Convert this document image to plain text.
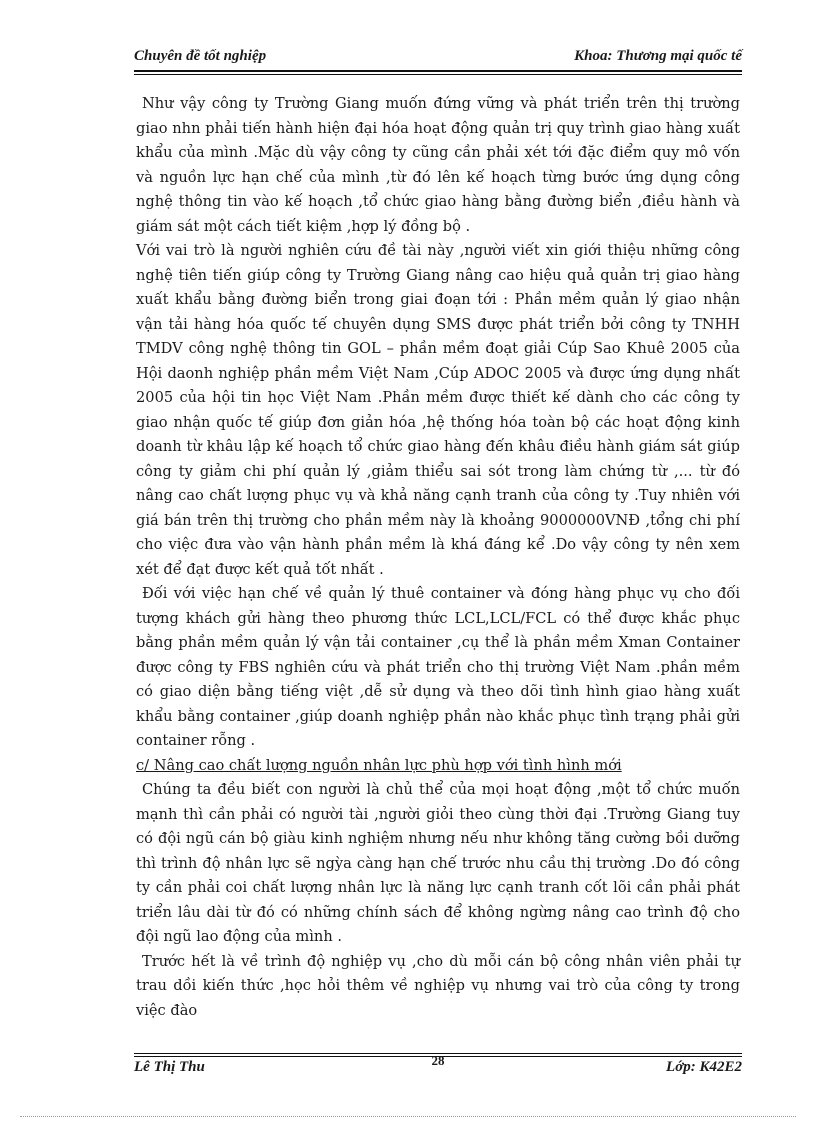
Chuyên đề tốt nghiệp	Khoa: Thương mại quốc tế

Như vậy công ty Trường Giang muốn đứng vững và phát triển trên thị trường giao nhn phải tiến hành hiện đại hóa hoạt động quản trị quy trình giao hàng xuất khẩu của mình .Mặc dù vậy công ty cũng cần phải xét tới đặc điểm quy mô vốn và nguồn lực hạn chế của mình ,từ đó lên kế hoạch từng bước ứng dụng công nghệ thông tin vào kế hoạch ,tổ chức giao hàng bằng đường biển ,điều hành và giám sát một cách tiết kiệm ,hợp lý đồng bộ .

Với vai trò là người nghiên cứu đề tài này ,người viết xin giới thiệu những công nghệ tiên tiến giúp công ty Trường Giang nâng cao hiệu quả quản trị giao hàng xuất khẩu bằng đường biển trong giai đoạn tới : Phần mềm quản lý giao nhận vận tải hàng hóa quốc tế chuyên dụng SMS được phát triển bởi công ty TNHH TMDV công nghệ thông tin GOL – phần mềm đoạt giải Cúp Sao Khuê 2005 của Hội daonh nghiệp phần mềm Việt Nam ,Cúp ADOC 2005 và được ứng dụng nhất 2005 của hội tin học Việt Nam .Phần mềm được thiết kế dành cho các công ty giao nhận quốc tế giúp đơn giản hóa ,hệ thống hóa toàn bộ các hoạt động kinh doanh từ khâu lập kế hoạch tổ chức giao hàng đến khâu điều hành giám sát giúp công ty giảm chi phí quản lý ,giảm thiểu sai sót trong làm chứng từ ,... từ đó nâng cao chất lượng phục vụ và khả năng cạnh tranh của công ty .Tuy nhiên với giá bán trên thị trường cho phần mềm này là khoảng 9000000VNĐ ,tổng chi phí cho việc đưa vào vận hành phần mềm là khá đáng kể .Do vậy công ty nên xem xét để đạt được kết quả tốt nhất .

Đối với việc hạn chế về quản lý thuê container và đóng hàng phục vụ cho đối tượng khách gửi hàng theo phương thức LCL,LCL/FCL có thể được khắc phục bằng phần mềm quản lý vận tải container ,cụ thể là phần mềm Xman Container được công ty FBS nghiên cứu và phát triển cho thị trường Việt Nam .phần mềm có giao diện bằng tiếng việt ,dễ sử dụng và theo dõi tình hình giao hàng xuất khẩu bằng container ,giúp doanh nghiệp phần nào khắc phục tình trạng phải gửi container rỗng .

c/ Nâng cao chất lượng nguồn nhân lực phù hợp với tình hình mới

Chúng ta đều biết con người là chủ thể của mọi hoạt động ,một tổ chức muốn mạnh thì cần phải có người tài ,người giỏi theo cùng thời đại .Trường Giang tuy có đội ngũ cán bộ giàu kinh nghiệm nhưng nếu như không tăng cường bồi dưỡng thì trình độ nhân lực sẽ ngỳa càng hạn chế trước nhu cầu thị trường .Do đó công ty cần phải coi chất lượng nhân lực là năng lực cạnh tranh cốt lõi cần phải phát triển lâu dài từ đó có những chính sách để không ngừng nâng cao trình độ cho đội ngũ lao động của mình .

Trước hết là về trình độ nghiệp vụ ,cho dù mỗi cán bộ công nhân viên phải tự trau dồi kiến thức ,học hỏi thêm về nghiệp vụ nhưng vai trò của công ty trong việc đào

Lê Thị Thu	28	Lớp: K42E2
